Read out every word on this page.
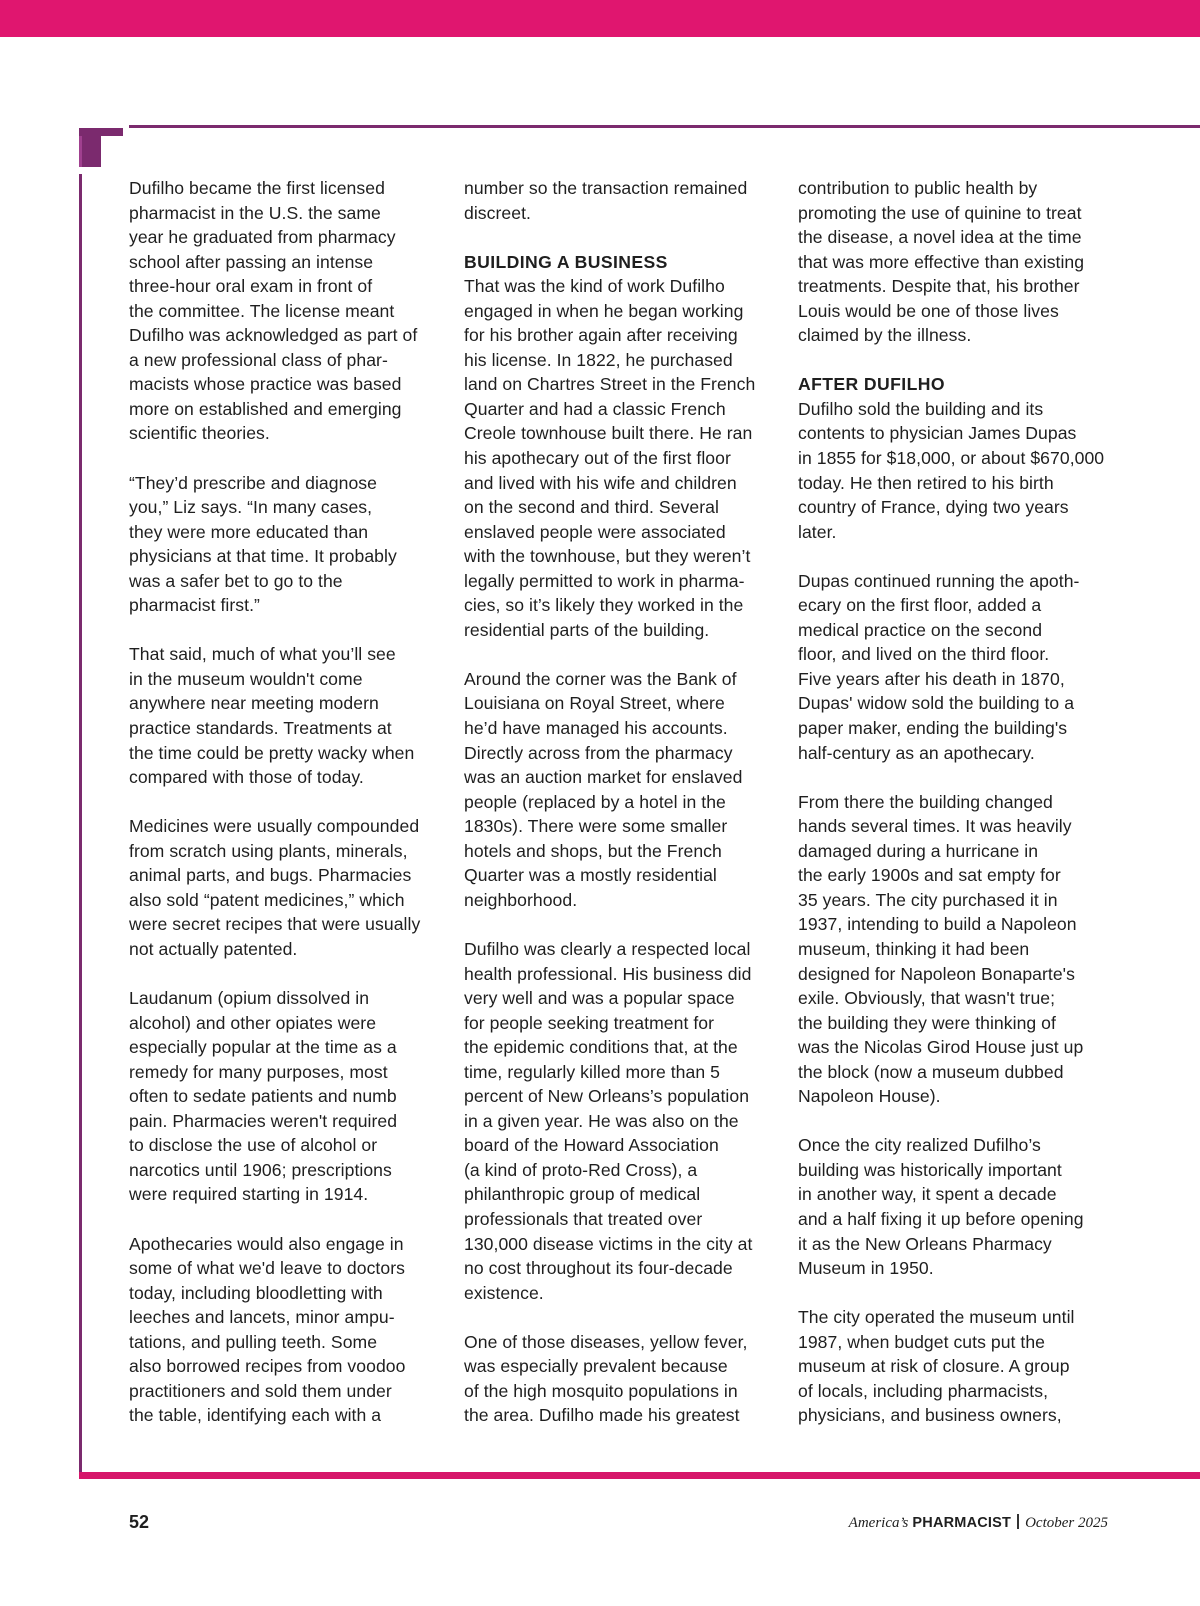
Dufilho became the first licensed
pharmacist in the U.S. the same
year he graduated from pharmacy
school after passing an intense
three-hour oral exam in front of
the committee. The license meant
Dufilho was acknowledged as part of
a new professional class of phar-
macists whose practice was based
more on established and emerging
scientific theories.

“They’d prescribe and diagnose
you,” Liz says. “In many cases,
they were more educated than
physicians at that time. It probably
was a safer bet to go to the
pharmacist first.”

That said, much of what you’ll see
in the museum wouldn't come
anywhere near meeting modern
practice standards. Treatments at
the time could be pretty wacky when
compared with those of today.

Medicines were usually compounded
from scratch using plants, minerals,
animal parts, and bugs. Pharmacies
also sold “patent medicines,” which
were secret recipes that were usually
not actually patented.

Laudanum (opium dissolved in
alcohol) and other opiates were
especially popular at the time as a
remedy for many purposes, most
often to sedate patients and numb
pain. Pharmacies weren't required
to disclose the use of alcohol or
narcotics until 1906; prescriptions
were required starting in 1914.

Apothecaries would also engage in
some of what we'd leave to doctors
today, including bloodletting with
leeches and lancets, minor ampu-
tations, and pulling teeth. Some
also borrowed recipes from voodoo
practitioners and sold them under
the table, identifying each with a

number so the transaction remained
discreet.

BUILDING A BUSINESS

That was the kind of work Dufilho
engaged in when he began working
for his brother again after receiving
his license. In 1822, he purchased
land on Chartres Street in the French
Quarter and had a classic French
Creole townhouse built there. He ran
his apothecary out of the first floor
and lived with his wife and children
on the second and third. Several
enslaved people were associated
with the townhouse, but they weren’t
legally permitted to work in pharma-
cies, so it’s likely they worked in the
residential parts of the building.

Around the corner was the Bank of
Louisiana on Royal Street, where
he’d have managed his accounts.
Directly across from the pharmacy
was an auction market for enslaved
people (replaced by a hotel in the
1830s). There were some smaller
hotels and shops, but the French
Quarter was a mostly residential
neighborhood.

Dufilho was clearly a respected local
health professional. His business did
very well and was a popular space
for people seeking treatment for
the epidemic conditions that, at the
time, regularly killed more than 5
percent of New Orleans’s population
in a given year. He was also on the
board of the Howard Association
(a kind of proto-Red Cross), a
philanthropic group of medical
professionals that treated over
130,000 disease victims in the city at
no cost throughout its four-decade
existence.

One of those diseases, yellow fever,
was especially prevalent because
of the high mosquito populations in
the area. Dufilho made his greatest

contribution to public health by
promoting the use of quinine to treat
the disease, a novel idea at the time
that was more effective than existing
treatments. Despite that, his brother
Louis would be one of those lives
claimed by the illness.

AFTER DUFILHO

Dufilho sold the building and its
contents to physician James Dupas
in 1855 for $18,000, or about $670,000
today. He then retired to his birth
country of France, dying two years
later.

Dupas continued running the apoth-
ecary on the first floor, added a
medical practice on the second
floor, and lived on the third floor.
Five years after his death in 1870,
Dupas' widow sold the building to a
paper maker, ending the building's
half-century as an apothecary.

From there the building changed
hands several times. It was heavily
damaged during a hurricane in
the early 1900s and sat empty for
35 years. The city purchased it in
1937, intending to build a Napoleon
museum, thinking it had been
designed for Napoleon Bonaparte's
exile. Obviously, that wasn't true;
the building they were thinking of
was the Nicolas Girod House just up
the block (now a museum dubbed
Napoleon House).

Once the city realized Dufilho’s
building was historically important
in another way, it spent a decade
and a half fixing it up before opening
it as the New Orleans Pharmacy
Museum in 1950.

The city operated the museum until
1987, when budget cuts put the
museum at risk of closure. A group
of locals, including pharmacists,
physicians, and business owners,

52	America’s PHARMACIST October 2025
